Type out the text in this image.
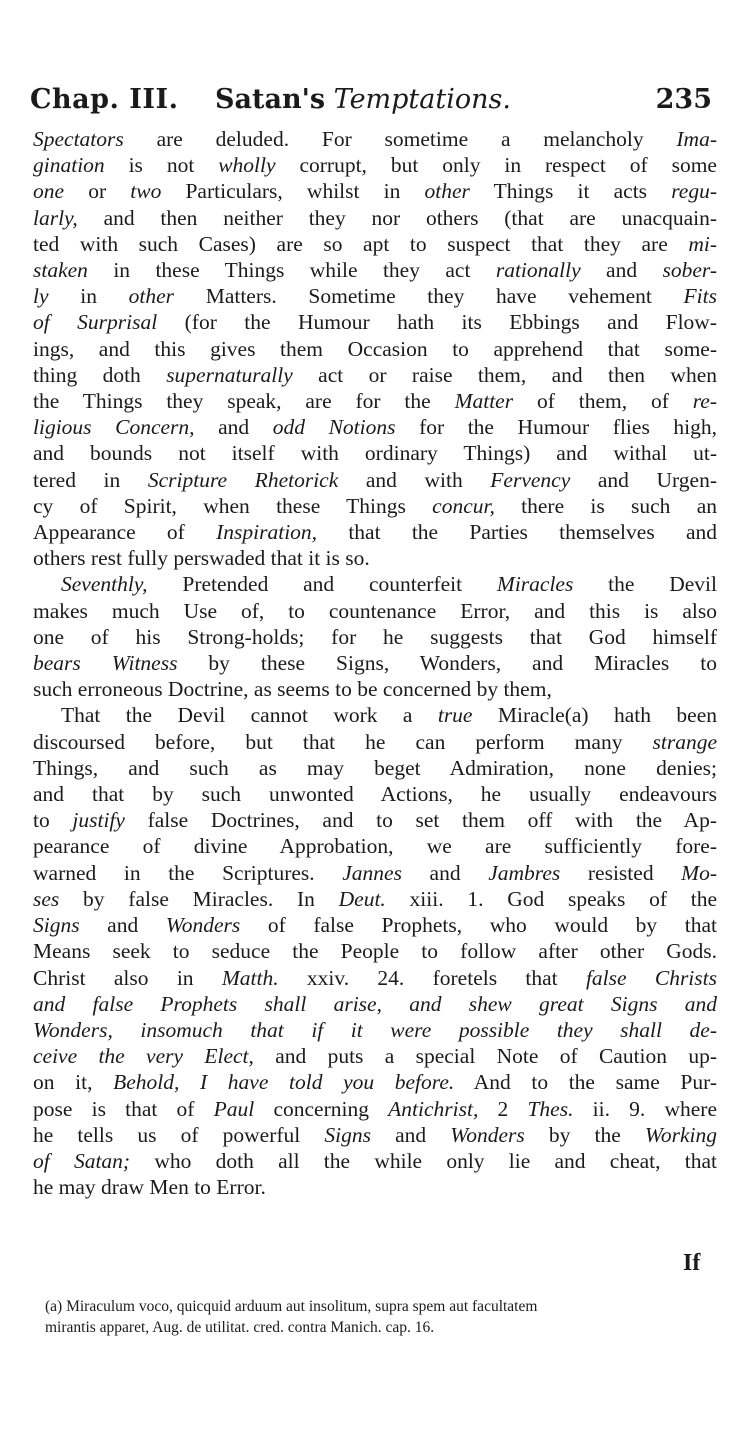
Chap. III. Satan's Temptations.	235
Spectators are deluded. For sometime a melancholy Ima-
gination is not wholly corrupt, but only in respect of some
one or two Particulars, whilst in other Things it acts regu-
larly, and then neither they nor others (that are unacquain-
ted with such Cases) are so apt to suspect that they are mi-
staken in these Things while they act rationally and sober-
ly in other Matters. Sometime they have vehement Fits
of Surprisal (for the Humour hath its Ebbings and Flow-
ings, and this gives them Occasion to apprehend that some-
thing doth supernaturally act or raise them, and then when
the Things they speak, are for the Matter of them, of re-
ligious Concern, and odd Notions for the Humour flies high,
and bounds not itself with ordinary Things) and withal ut-
tered in Scripture Rhetorick and with Fervency and Urgen-
cy of Spirit, when these Things concur, there is such an
Appearance of Inspiration, that the Parties themselves and
others rest fully perswaded that it is so.
Seventhly, Pretended and counterfeit Miracles the Devil
makes much Use of, to countenance Error, and this is also
one of his Strong-holds; for he suggests that God himself
bears Witness by these Signs, Wonders, and Miracles to
such erroneous Doctrine, as seems to be concerned by them,
That the Devil cannot work a true Miracle(a) hath been
discoursed before, but that he can perform many strange
Things, and such as may beget Admiration, none denies;
and that by such unwonted Actions, he usually endeavours
to justify false Doctrines, and to set them off with the Ap-
pearance of divine Approbation, we are sufficiently fore-
warned in the Scriptures. Jannes and Jambres resisted Mo-
ses by false Miracles. In Deut. xiii. 1. God speaks of the
Signs and Wonders of false Prophets, who would by that
Means seek to seduce the People to follow after other Gods.
Christ also in Matth. xxiv. 24. foretels that false Christs
and false Prophets shall arise, and shew great Signs and
Wonders, insomuch that if it were possible they shall de-
ceive the very Elect, and puts a special Note of Caution up-
on it, Behold, I have told you before. And to the same Pur-
pose is that of Paul concerning Antichrist, 2 Thes. ii. 9. where
he tells us of powerful Signs and Wonders by the Working
of Satan; who doth all the while only lie and cheat, that
he may draw Men to Error.
If
(a) Miraculum voco, quicquid arduum aut insolitum, supra spem aut facultatem
mirantis apparet, Aug. de utilitat. cred. contra Manich. cap. 16.
